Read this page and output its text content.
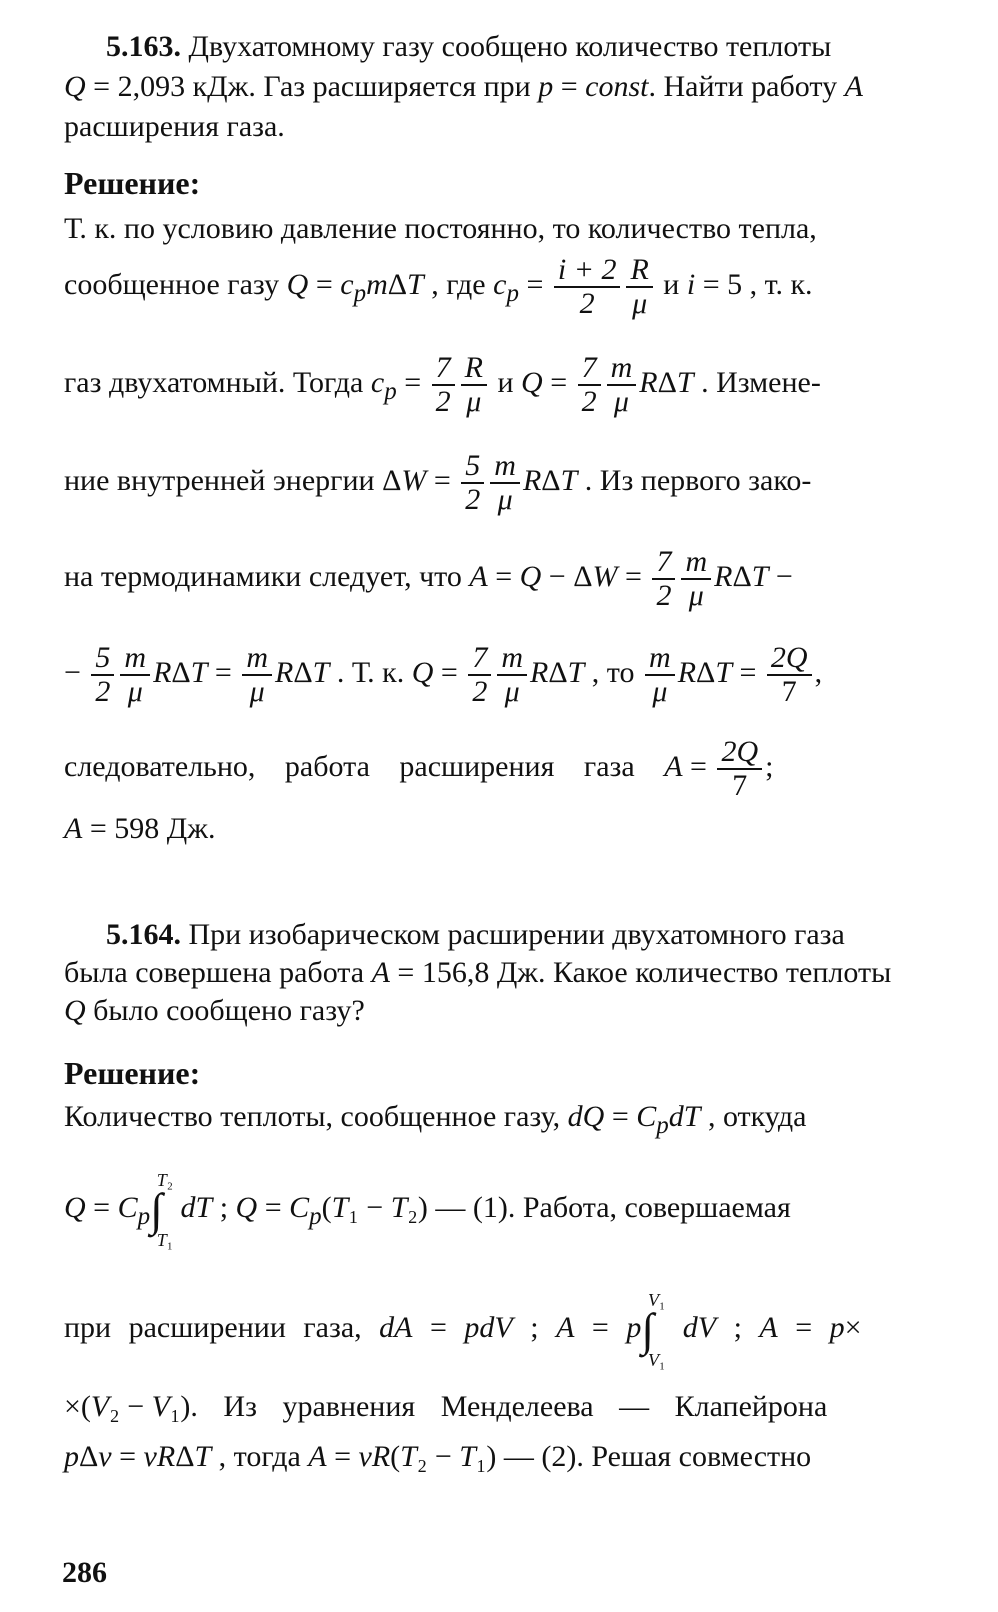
5.163. Двухатомному газу сообщено количество теплоты
Q = 2,093 кДж. Газ расширяется при p = const. Найти работу A
расширения газа.
Решение:
Т. к. по условию давление постоянно, то количество тепла,
сообщенное газу $Q = c_pm\Delta T$ , где $c_p = \frac{i + 2}{2} \frac{R}{\mu}$ и i = 5 , т. к.
газ двухатомный. Тогда $c_p = \frac{7}{2} \frac{R}{\mu}$ и $Q = \frac{7}{2} \frac{m}{\mu}$ RΔT . Измене-
ние внутренней энергии $\Delta W = \frac{5}{2} \frac{m}{\mu}$ RΔT . Из первого зако-
на термодинамики следует, что $A = Q - \Delta W = \frac{7}{2} \frac{m}{\mu}$ RΔT −
− $\frac{5}{2} \frac{m}{\mu}$ $R\Delta T = \frac{m}{\mu}$ RΔT . Т. к. $Q = \frac{7}{2} \frac{m}{\mu}$ RΔT , то $\frac{m}{\mu}$ $R\Delta T = \frac{2Q}{7}$ ,
следовательно, работа расширения газа $A = \frac{2Q}{7}$ ;
A = 598 Дж.
5.164. При изобарическом расширении двухатомного газа
была совершена работа A = 156,8 Дж. Какое количество теплоты
Q было сообщено газу?
Решение:
Количество теплоты, сообщенное газу, dQ = $C_pdT$ , откуда
$Q = C_p\int T_2$
T₁ dT ; $Q = C_p(T_1 - T_2)$ — (1). Работа, совершаемая
при расширении газа, dA = pdV ; A = p∫V₁
V₁ dV ; A = p×
×(V₂ − V₁). Из уравнения Менделеева — Клапейрона
pΔv = vRΔT , тогда A = vR(T₂ − T₁) — (2). Решая совместно
286
